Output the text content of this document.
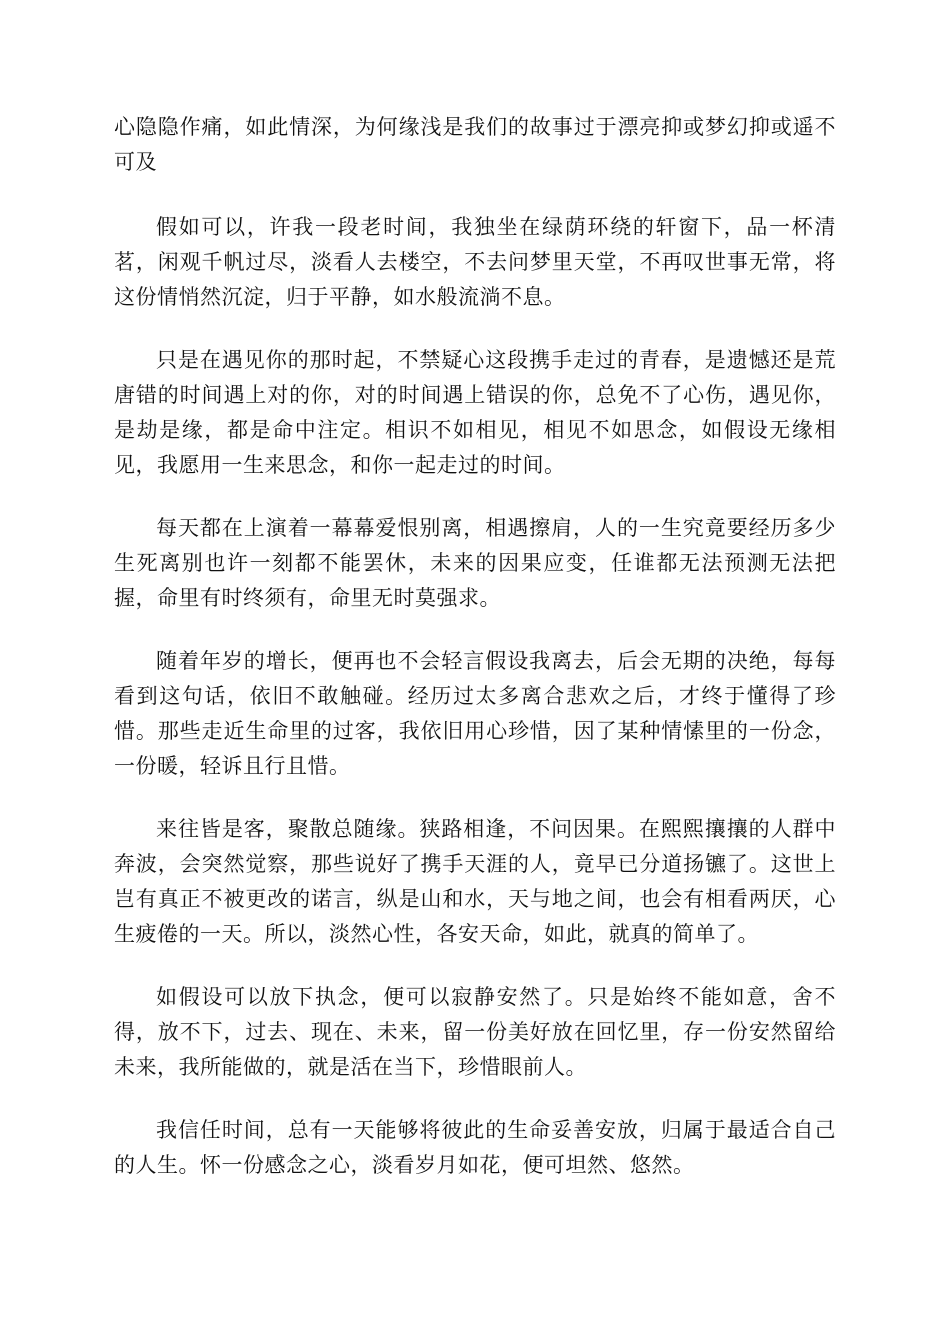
心隐隐作痛，如此情深，为何缘浅是我们的故事过于漂亮抑或梦幻抑或遥不可及

假如可以，许我一段老时间，我独坐在绿荫环绕的轩窗下，品一杯清茗，闲观千帆过尽，淡看人去楼空，不去问梦里天堂，不再叹世事无常，将这份情悄然沉淀，归于平静，如水般流淌不息。

只是在遇见你的那时起，不禁疑心这段携手走过的青春，是遗憾还是荒唐错的时间遇上对的你，对的时间遇上错误的你，总免不了心伤，遇见你，是劫是缘，都是命中注定。相识不如相见，相见不如思念，如假设无缘相见，我愿用一生来思念，和你一起走过的时间。

每天都在上演着一幕幕爱恨别离，相遇擦肩，人的一生究竟要经历多少生死离别也许一刻都不能罢休，未来的因果应变，任谁都无法预测无法把握，命里有时终须有，命里无时莫强求。

随着年岁的增长，便再也不会轻言假设我离去，后会无期的决绝，每每看到这句话，依旧不敢触碰。经历过太多离合悲欢之后，才终于懂得了珍惜。那些走近生命里的过客，我依旧用心珍惜，因了某种情愫里的一份念，一份暖，轻诉且行且惜。

来往皆是客，聚散总随缘。狭路相逢，不问因果。在熙熙攘攘的人群中奔波，会突然觉察，那些说好了携手天涯的人，竟早已分道扬镳了。这世上岂有真正不被更改的诺言，纵是山和水，天与地之间，也会有相看两厌，心生疲倦的一天。所以，淡然心性，各安天命，如此，就真的简单了。

如假设可以放下执念，便可以寂静安然了。只是始终不能如意，舍不得，放不下，过去、现在、未来，留一份美好放在回忆里，存一份安然留给未来，我所能做的，就是活在当下，珍惜眼前人。

我信任时间，总有一天能够将彼此的生命妥善安放，归属于最适合自己的人生。怀一份感念之心，淡看岁月如花，便可坦然、悠然。
